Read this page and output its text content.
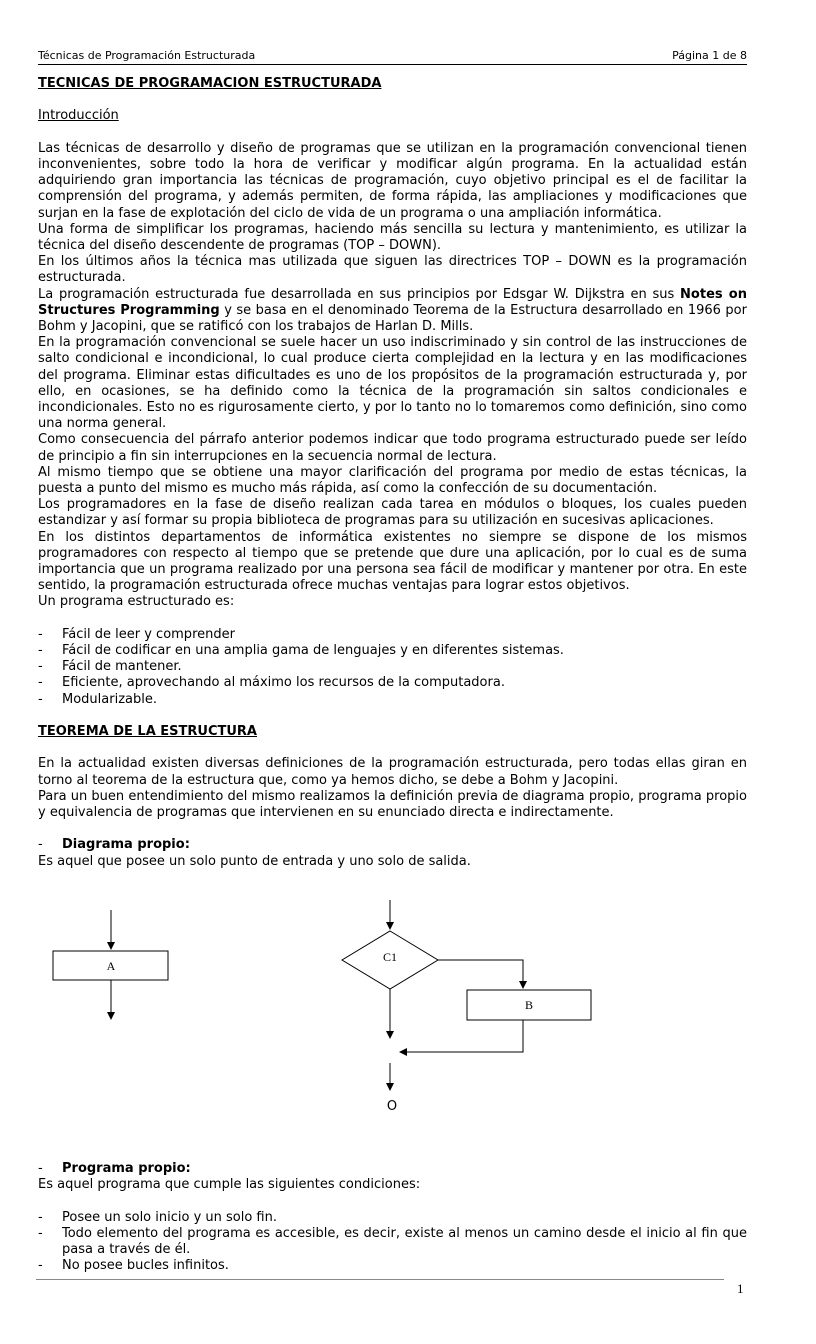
Técnicas de Programación Estructurada	Página 1 de 8

TECNICAS DE PROGRAMACION ESTRUCTURADA

Introducción

Las técnicas de desarrollo y diseño de programas que se utilizan en la programación convencional tienen inconvenientes, sobre todo la hora de verificar y modificar algún programa. En la actualidad están adquiriendo gran importancia las técnicas de programación, cuyo objetivo principal es el de facilitar la comprensión del programa, y además permiten, de forma rápida, las ampliaciones y modificaciones que surjan en la fase de explotación del ciclo de vida de un programa o una ampliación informática.

Una forma de simplificar los programas, haciendo más sencilla su lectura y mantenimiento, es utilizar la técnica del diseño descendente de programas (TOP – DOWN).

En los últimos años la técnica mas utilizada que siguen las directrices TOP – DOWN es la programación estructurada.

La programación estructurada fue desarrollada en sus principios por Edsgar W. Dijkstra en sus Notes on Structures Programming y se basa en el denominado Teorema de la Estructura desarrollado en 1966 por Bohm y Jacopini, que se ratificó con los trabajos de Harlan D. Mills.

En la programación convencional se suele hacer un uso indiscriminado y sin control de las instrucciones de salto condicional e incondicional, lo cual produce cierta complejidad en la lectura y en las modificaciones del programa. Eliminar estas dificultades es uno de los propósitos de la programación estructurada y, por ello, en ocasiones, se ha definido como la técnica de la programación sin saltos condicionales e incondicionales. Esto no es rigurosamente cierto, y por lo tanto no lo tomaremos como definición, sino como una norma general.

Como consecuencia del párrafo anterior podemos indicar que todo programa estructurado puede ser leído de principio a fin sin interrupciones en la secuencia normal de lectura.

Al mismo tiempo que se obtiene una mayor clarificación del programa por medio de estas técnicas, la puesta a punto del mismo es mucho más rápida, así como la confección de su documentación.

Los programadores en la fase de diseño realizan cada tarea en módulos o bloques, los cuales pueden estandizar y así formar su propia biblioteca de programas para su utilización en sucesivas aplicaciones.

En los distintos departamentos de informática existentes no siempre se dispone de los mismos programadores con respecto al tiempo que se pretende que dure una aplicación, por lo cual es de suma importancia que un programa realizado por una persona sea fácil de modificar y mantener por otra. En este sentido, la programación estructurada ofrece muchas ventajas para lograr estos objetivos.

Un programa estructurado es:

- Fácil de leer y comprender
- Fácil de codificar en una amplia gama de lenguajes y en diferentes sistemas.
- Fácil de mantener.
- Eficiente, aprovechando al máximo los recursos de la computadora.
- Modularizable.

TEOREMA DE LA ESTRUCTURA

En la actualidad existen diversas definiciones de la programación estructurada, pero todas ellas giran en torno al teorema de la estructura que, como ya hemos dicho, se debe a Bohm y Jacopini.

Para un buen entendimiento del mismo realizamos la definición previa de diagrama propio, programa propio y equivalencia de programas que intervienen en su enunciado directa e indirectamente.

- Diagrama propio:

Es aquel que posee un solo punto de entrada y uno solo de salida.

A
C1
B
O
- Programa propio:

Es aquel programa que cumple las siguientes condiciones:

- Posee un solo inicio y un solo fin.
- Todo elemento del programa es accesible, es decir, existe al menos un camino desde el inicio al fin que pasa a través de él.
- No posee bucles infinitos.
1
